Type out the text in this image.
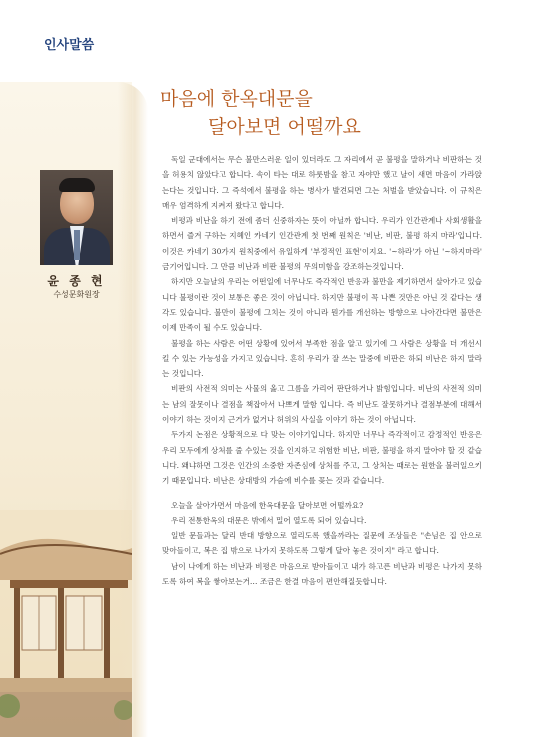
인사말씀
윤 종 현
수성문화원장
마음에 한옥대문을
달아보면 어떨까요

독일 군대에서는 무슨 불만스러운 일이 있더라도 그 자리에서 곧 불평을 말하거나 비판하는 것을 허용치 않았다고 합니다. 속이 타는 대로 하룻밤을 참고 자야만 했고 날이 새면 마음이 가라앉는다는 것입니다. 그 즉석에서 불평을 하는 병사가 발견되면 그는 처벌을 받았습니다. 이 규칙은 매우 엄격하게 지켜져 왔다고 합니다.

비평과 비난을 하기 전에 좀더 신중하자는 뜻이 아닐까 합니다. 우리가 인간관계나 사회생활을 하면서 즐겨 구하는 지혜인 카네기 인간관계 첫 번째 원칙은 '비난, 비판, 불평 하지 마라'입니다. 이것은 카네기 30가지 원칙중에서 유일하게 '부정적인 표현'이지요. '~하라'가 아닌 '~하지마라' 금기어입니다. 그 만큼 비난과 비판 불평의 무의미함을 강조하는것입니다.

하지만 오늘날의 우리는 어떤일에 너무나도 즉각적인 반응과 불만을 제기하면서 살아가고 있습니다 불평이란 것이 보통은 좋은 것이 아닙니다. 하지만 불평이 꼭 나쁜 것만은 아닌 것 같다는 생각도 있습니다. 불만이 불평에 그치는 것이 아니라 뭔가를 개선하는 방향으로 나아간다면 불만은 이제 만족이 될 수도 있습니다.

불평을 하는 사람은 어떤 상황에 있어서 부족한 점을 알고 있기에 그 사람은 상황을 더 개선시킬 수 있는 가능성을 가지고 있습니다. 흔히 우리가 잘 쓰는 말중에 비판은 하되 비난은 하지 말라는 것입니다.

비판의 사전적 의미는 사물의 옳고 그름을 가리어 판단하거나 밝힘입니다. 비난의 사전적 의미는 남의 잘못이나 결점을 책잡아서 나쁘게 말함 입니다. 즉 비난도 잘못하거나 결점부분에 대해서 이야기 하는 것이지 근거가 없거나 허위의 사실을 이야기 하는 것이 아닙니다.

두가지 논점은 상황적으로 다 맞는 이야기입니다. 하지만 너무나 즉각적이고 감정적인 반응은 우리 모두에게 상처를 줄 수있는 것을 인지하고 위험한 비난, 비판, 불평을 하지 말아야 할 것 같습니다. 왜냐하면 그것은 인간의 소중한 자존심에 상처를 주고, 그 상처는 때로는 원한을 불러일으키기 때문입니다. 비난은 상대방의 가슴에 비수를 꽂는 것과 같습니다.

오늘을 살아가면서 마음에 한옥대문을 달아보면 어떨까요?

우리 전통한옥의 대문은 밖에서 밀어 열도록 되어 있습니다.

일반 문들과는 달리 반대 방향으로 열리도록 했을까라는 질문에 조상들은 "손님은 집 안으로 맞아들이고, 복은 집 밖으로 나가지 못하도록 그렇게 달아 놓은 것이지" 라고 합니다.

남이 나에게 하는 비난과 비평은 마음으로 받아들이고 내가 하고픈 비난과 비평은 나가지 못하도록 하여 복을 쌓아보는거… 조금은 한결 마음이 편안해질듯합니다.
